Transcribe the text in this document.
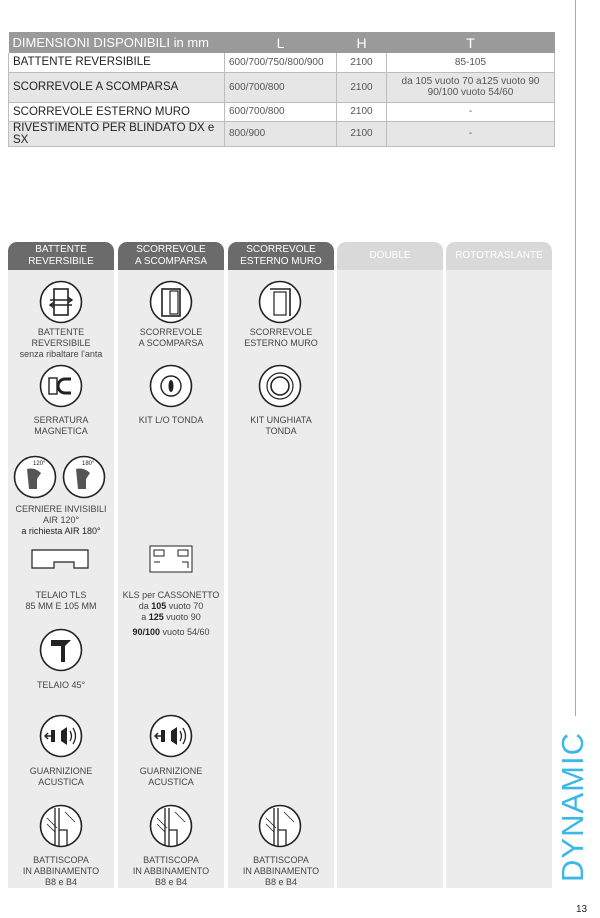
DIMENSIONI DISPONIBILI in mm	L	H	T
BATTENTE REVERSIBILE	600/700/750/800/900	2100	85-105
SCORREVOLE A SCOMPARSA	600/700/800	2100	da 105 vuoto 70 a125 vuoto 90
90/100 vuoto 54/60

SCORREVOLE ESTERNO MURO	600/700/800	2100	-
RIVESTIMENTO PER BLINDATO DX e SX	800/900	2100	-
BATTENTE
REVERSIBILE
SCORREVOLE
A SCOMPARSA
SCORREVOLE
ESTERNO MURO
DOUBLE	ROTOTRASLANTE
BATTENTE REVERSIBILE
senza ribaltare l'anta
SERRATURA
MAGNETICA
120°	180°
CERNIERE INVISIBILI
AIR 120°
a richiesta AIR 180°
TELAIO TLS
85 MM E 105 MM
TELAIO 45°
GUARNIZIONE
ACUSTICA
BATTISCOPA
IN ABBINAMENTO
B8 e B4
SCORREVOLE
A SCOMPARSA
KIT L/O TONDA
KLS per CASSONETTO
da 105 vuoto 70
a 125 vuoto 90
90/100 vuoto 54/60
GUARNIZIONE
ACUSTICA
BATTISCOPA
IN ABBINAMENTO
B8 e B4
SCORREVOLE
ESTERNO MURO
KIT UNGHIATA
TONDA
BATTISCOPA
IN ABBINAMENTO
B8 e B4
DYNAMIC
13
